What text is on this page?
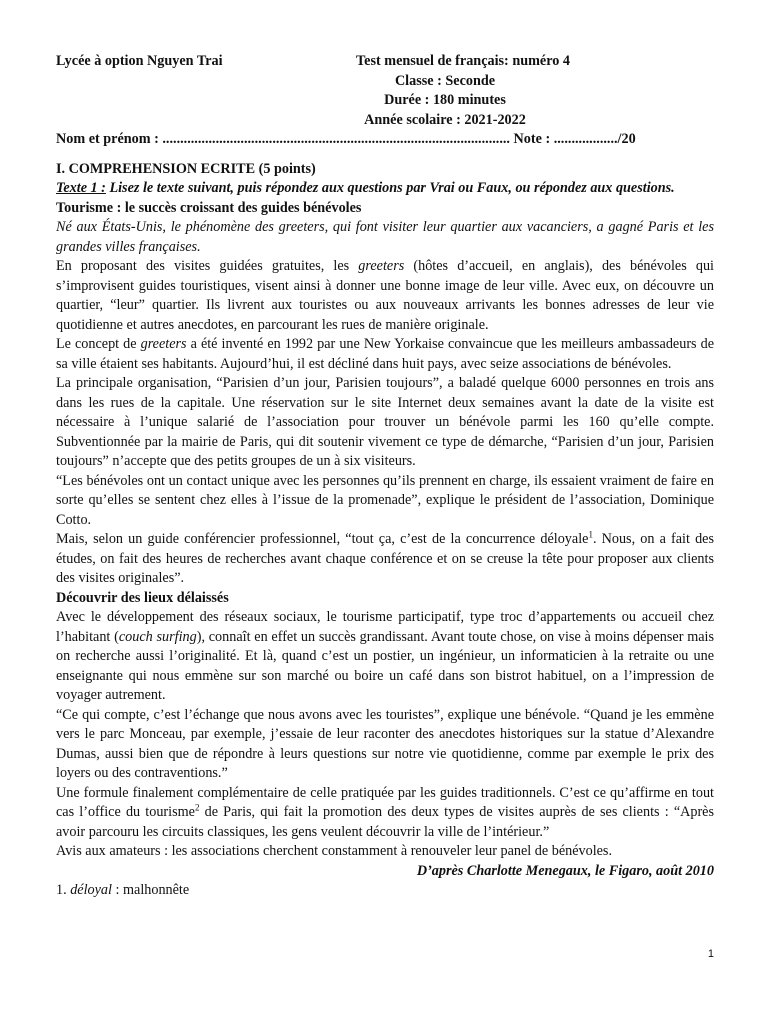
Lycée à option Nguyen Trai	Test mensuel de français: numéro 4
Classe : Seconde
Durée : 180 minutes
Année scolaire : 2021-2022
Nom et prénom : .................................................................................................. Note : ................../20
I. COMPREHENSION ECRITE (5 points)

Texte 1 : Lisez le texte suivant, puis répondez aux questions par Vrai ou Faux, ou répondez aux questions.

Tourisme : le succès croissant des guides bénévoles

Né aux États-Unis, le phénomène des greeters, qui font visiter leur quartier aux vacanciers, a gagné Paris et les grandes villes françaises.

En proposant des visites guidées gratuites, les greeters (hôtes d’accueil, en anglais), des bénévoles qui s’improvisent guides touristiques, visent ainsi à donner une bonne image de leur ville. Avec eux, on découvre un quartier, “leur” quartier. Ils livrent aux touristes ou aux nouveaux arrivants les bonnes adresses de leur vie quotidienne et autres anecdotes, en parcourant les rues de manière originale.

Le concept de greeters a été inventé en 1992 par une New Yorkaise convaincue que les meilleurs ambassadeurs de sa ville étaient ses habitants. Aujourd’hui, il est décliné dans huit pays, avec seize associations de bénévoles.

La principale organisation, “Parisien d’un jour, Parisien toujours”, a baladé quelque 6000 personnes en trois ans dans les rues de la capitale. Une réservation sur le site Internet deux semaines avant la date de la visite est nécessaire à l’unique salarié de l’association pour trouver un bénévole parmi les 160 qu’elle compte. Subventionnée par la mairie de Paris, qui dit soutenir vivement ce type de démarche, “Parisien d’un jour, Parisien toujours” n’accepte que des petits groupes de un à six visiteurs.

“Les bénévoles ont un contact unique avec les personnes qu’ils prennent en charge, ils essaient vraiment de faire en sorte qu’elles se sentent chez elles à l’issue de la promenade”, explique le président de l’association, Dominique Cotto.

Mais, selon un guide conférencier professionnel, “tout ça, c’est de la concurrence déloyale$^1$. Nous, on a fait des études, on fait des heures de recherches avant chaque conférence et on se creuse la tête pour proposer aux clients des visites originales”.

Découvrir des lieux délaissés

Avec le développement des réseaux sociaux, le tourisme participatif, type troc d’appartements ou accueil chez l’habitant (couch surfing), connaît en effet un succès grandissant. Avant toute chose, on vise à moins dépenser mais on recherche aussi l’originalité. Et là, quand c’est un postier, un ingénieur, un informaticien à la retraite ou une enseignante qui nous emmène sur son marché ou boire un café dans son bistrot habituel, on a l’impression de voyager autrement.

“Ce qui compte, c’est l’échange que nous avons avec les touristes”, explique une bénévole. “Quand je les emmène vers le parc Monceau, par exemple, j’essaie de leur raconter des anecdotes historiques sur la statue d’Alexandre Dumas, aussi bien que de répondre à leurs questions sur notre vie quotidienne, comme par exemple le prix des loyers ou des contraventions.”

Une formule finalement complémentaire de celle pratiquée par les guides traditionnels. C’est ce qu’affirme en tout cas l’office du tourisme$^2$ de Paris, qui fait la promotion des deux types de visites auprès de ses clients : “Après avoir parcouru les circuits classiques, les gens veulent découvrir la ville de l’intérieur.”

Avis aux amateurs : les associations cherchent constamment à renouveler leur panel de bénévoles.

D’après Charlotte Menegaux, le Figaro, août 2010

1. déloyal : malhonnête

1
